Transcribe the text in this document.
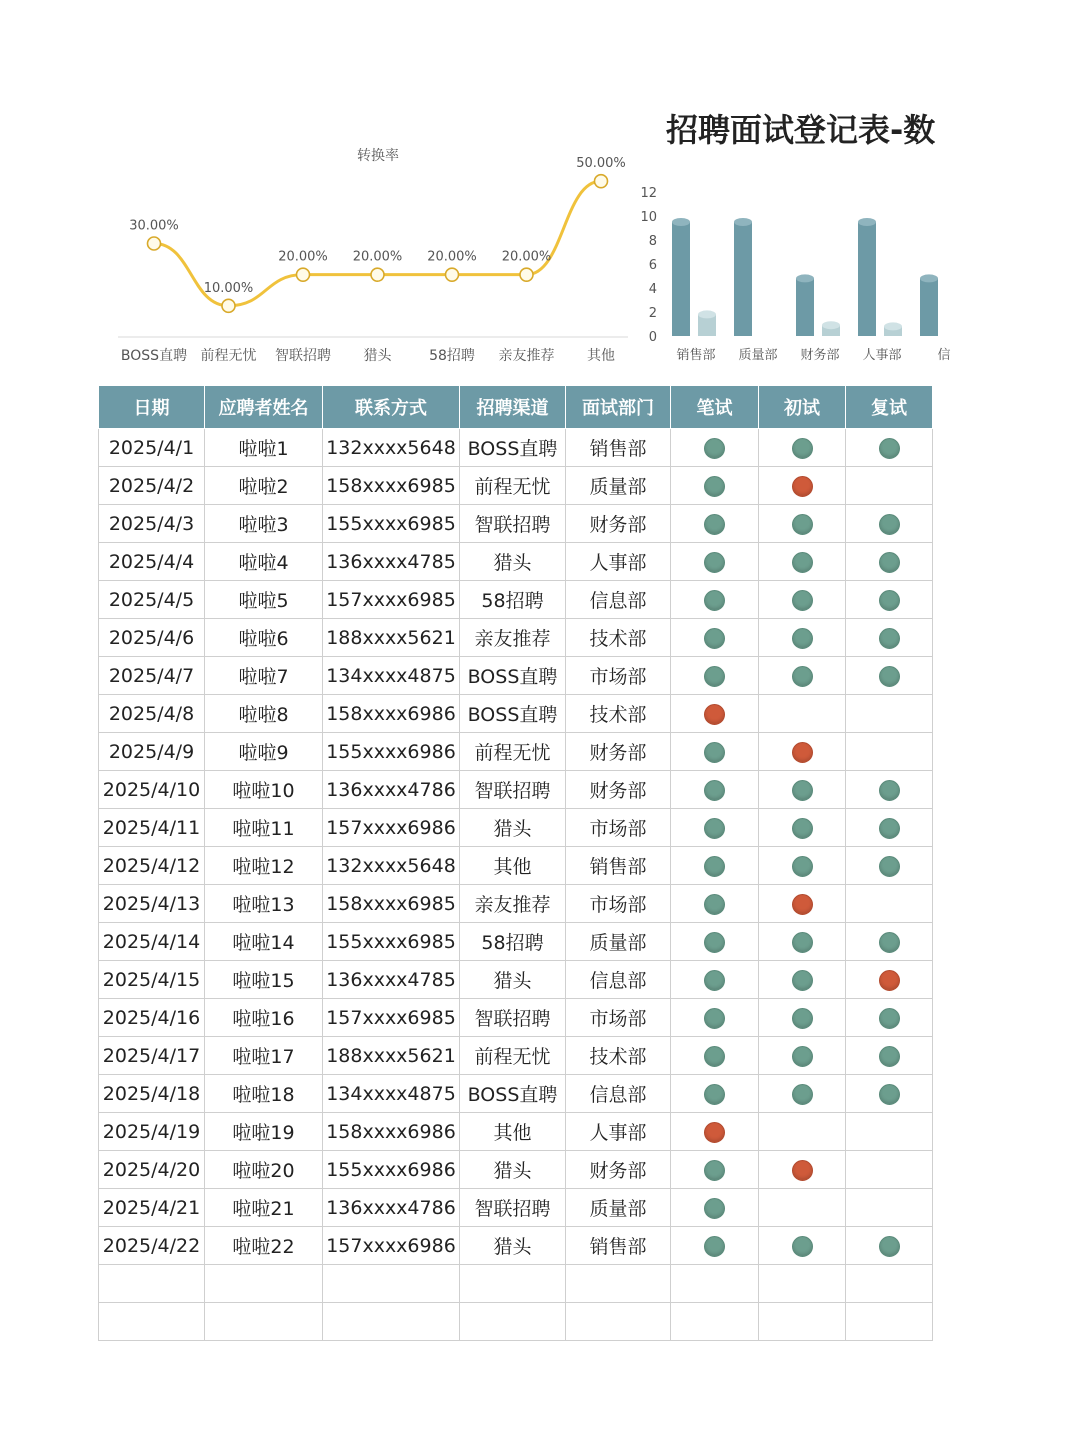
招聘面试登记表-数
转换率
30.00%
BOSS直聘
10.00%
前程无忧
20.00%
智联招聘
20.00%
猎头
20.00%
58招聘
20.00%
亲友推荐
50.00%
其他
0
2
4
6
8
10
12
销售部 质量部 财务部 人事部	信
日期	应聘者姓名	联系方式	招聘渠道	面试部门	笔试	初试	复试
2025/4/1	啦啦1	132xxxx5648	BOSS直聘	销售部			
2025/4/2	啦啦2	158xxxx6985	前程无忧	质量部			
2025/4/3	啦啦3	155xxxx6985	智联招聘	财务部			
2025/4/4	啦啦4	136xxxx4785	猎头	人事部			
2025/4/5	啦啦5	157xxxx6985	58招聘	信息部			
2025/4/6	啦啦6	188xxxx5621	亲友推荐	技术部			
2025/4/7	啦啦7	134xxxx4875	BOSS直聘	市场部			
2025/4/8	啦啦8	158xxxx6986	BOSS直聘	技术部			
2025/4/9	啦啦9	155xxxx6986	前程无忧	财务部			
2025/4/10	啦啦10	136xxxx4786	智联招聘	财务部			
2025/4/11	啦啦11	157xxxx6986	猎头	市场部			
2025/4/12	啦啦12	132xxxx5648	其他	销售部			
2025/4/13	啦啦13	158xxxx6985	亲友推荐	市场部			
2025/4/14	啦啦14	155xxxx6985	58招聘	质量部			
2025/4/15	啦啦15	136xxxx4785	猎头	信息部			
2025/4/16	啦啦16	157xxxx6985	智联招聘	市场部			
2025/4/17	啦啦17	188xxxx5621	前程无忧	技术部			
2025/4/18	啦啦18	134xxxx4875	BOSS直聘	信息部			
2025/4/19	啦啦19	158xxxx6986	其他	人事部			
2025/4/20	啦啦20	155xxxx6986	猎头	财务部			
2025/4/21	啦啦21	136xxxx4786	智联招聘	质量部			
2025/4/22	啦啦22	157xxxx6986	猎头	销售部			
